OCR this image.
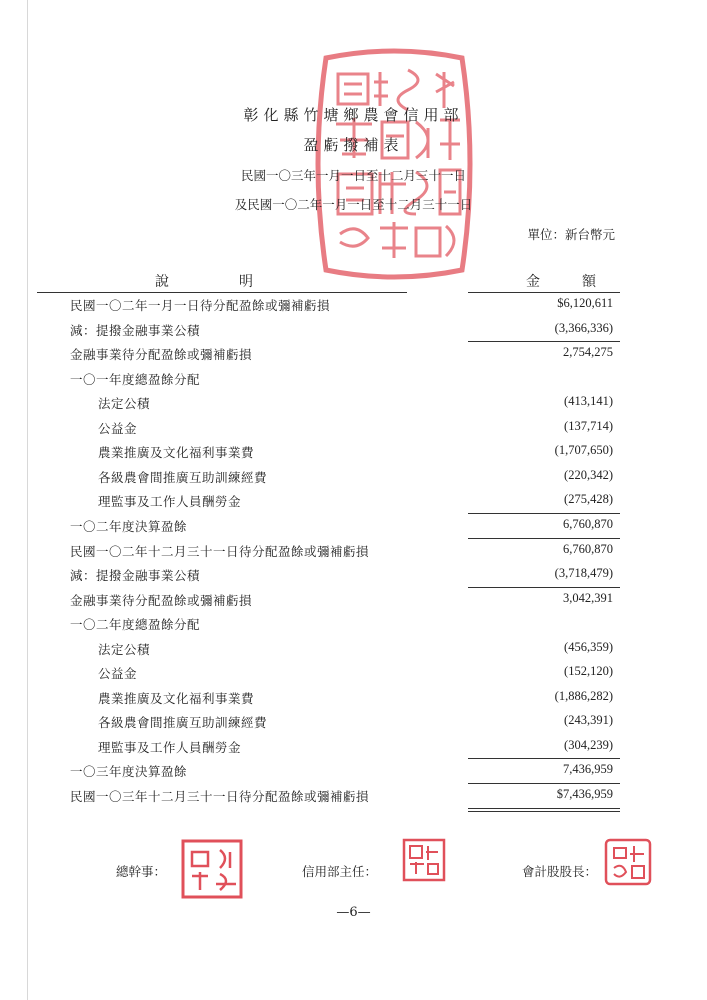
彰化縣竹塘鄉農會信用部
盈虧撥補表
民國一〇三年一月一日至十二月三十一日
及民國一〇二年一月一日至十二月三十一日
單位：新台幣元
說　　　　　明	金　　　額
民國一〇二年一月一日待分配盈餘或彌補虧損	$6,120,611
減：提撥金融事業公積	(3,366,336)
金融事業待分配盈餘或彌補虧損	2,754,275
一〇一年度總盈餘分配
法定公積	(413,141)
公益金	(137,714)
農業推廣及文化福利事業費	(1,707,650)
各級農會間推廣互助訓練經費	(220,342)
理監事及工作人員酬勞金	(275,428)
一〇二年度決算盈餘	6,760,870
民國一〇二年十二月三十一日待分配盈餘或彌補虧損	6,760,870
減：提撥金融事業公積	(3,718,479)
金融事業待分配盈餘或彌補虧損	3,042,391
一〇二年度總盈餘分配
法定公積	(456,359)
公益金	(152,120)
農業推廣及文化福利事業費	(1,886,282)
各級農會間推廣互助訓練經費	(243,391)
理監事及工作人員酬勞金	(304,239)
一〇三年度決算盈餘	7,436,959
民國一〇三年十二月三十一日待分配盈餘或彌補虧損	$7,436,959
總幹事：	信用部主任：	會計股股長：
—6—
